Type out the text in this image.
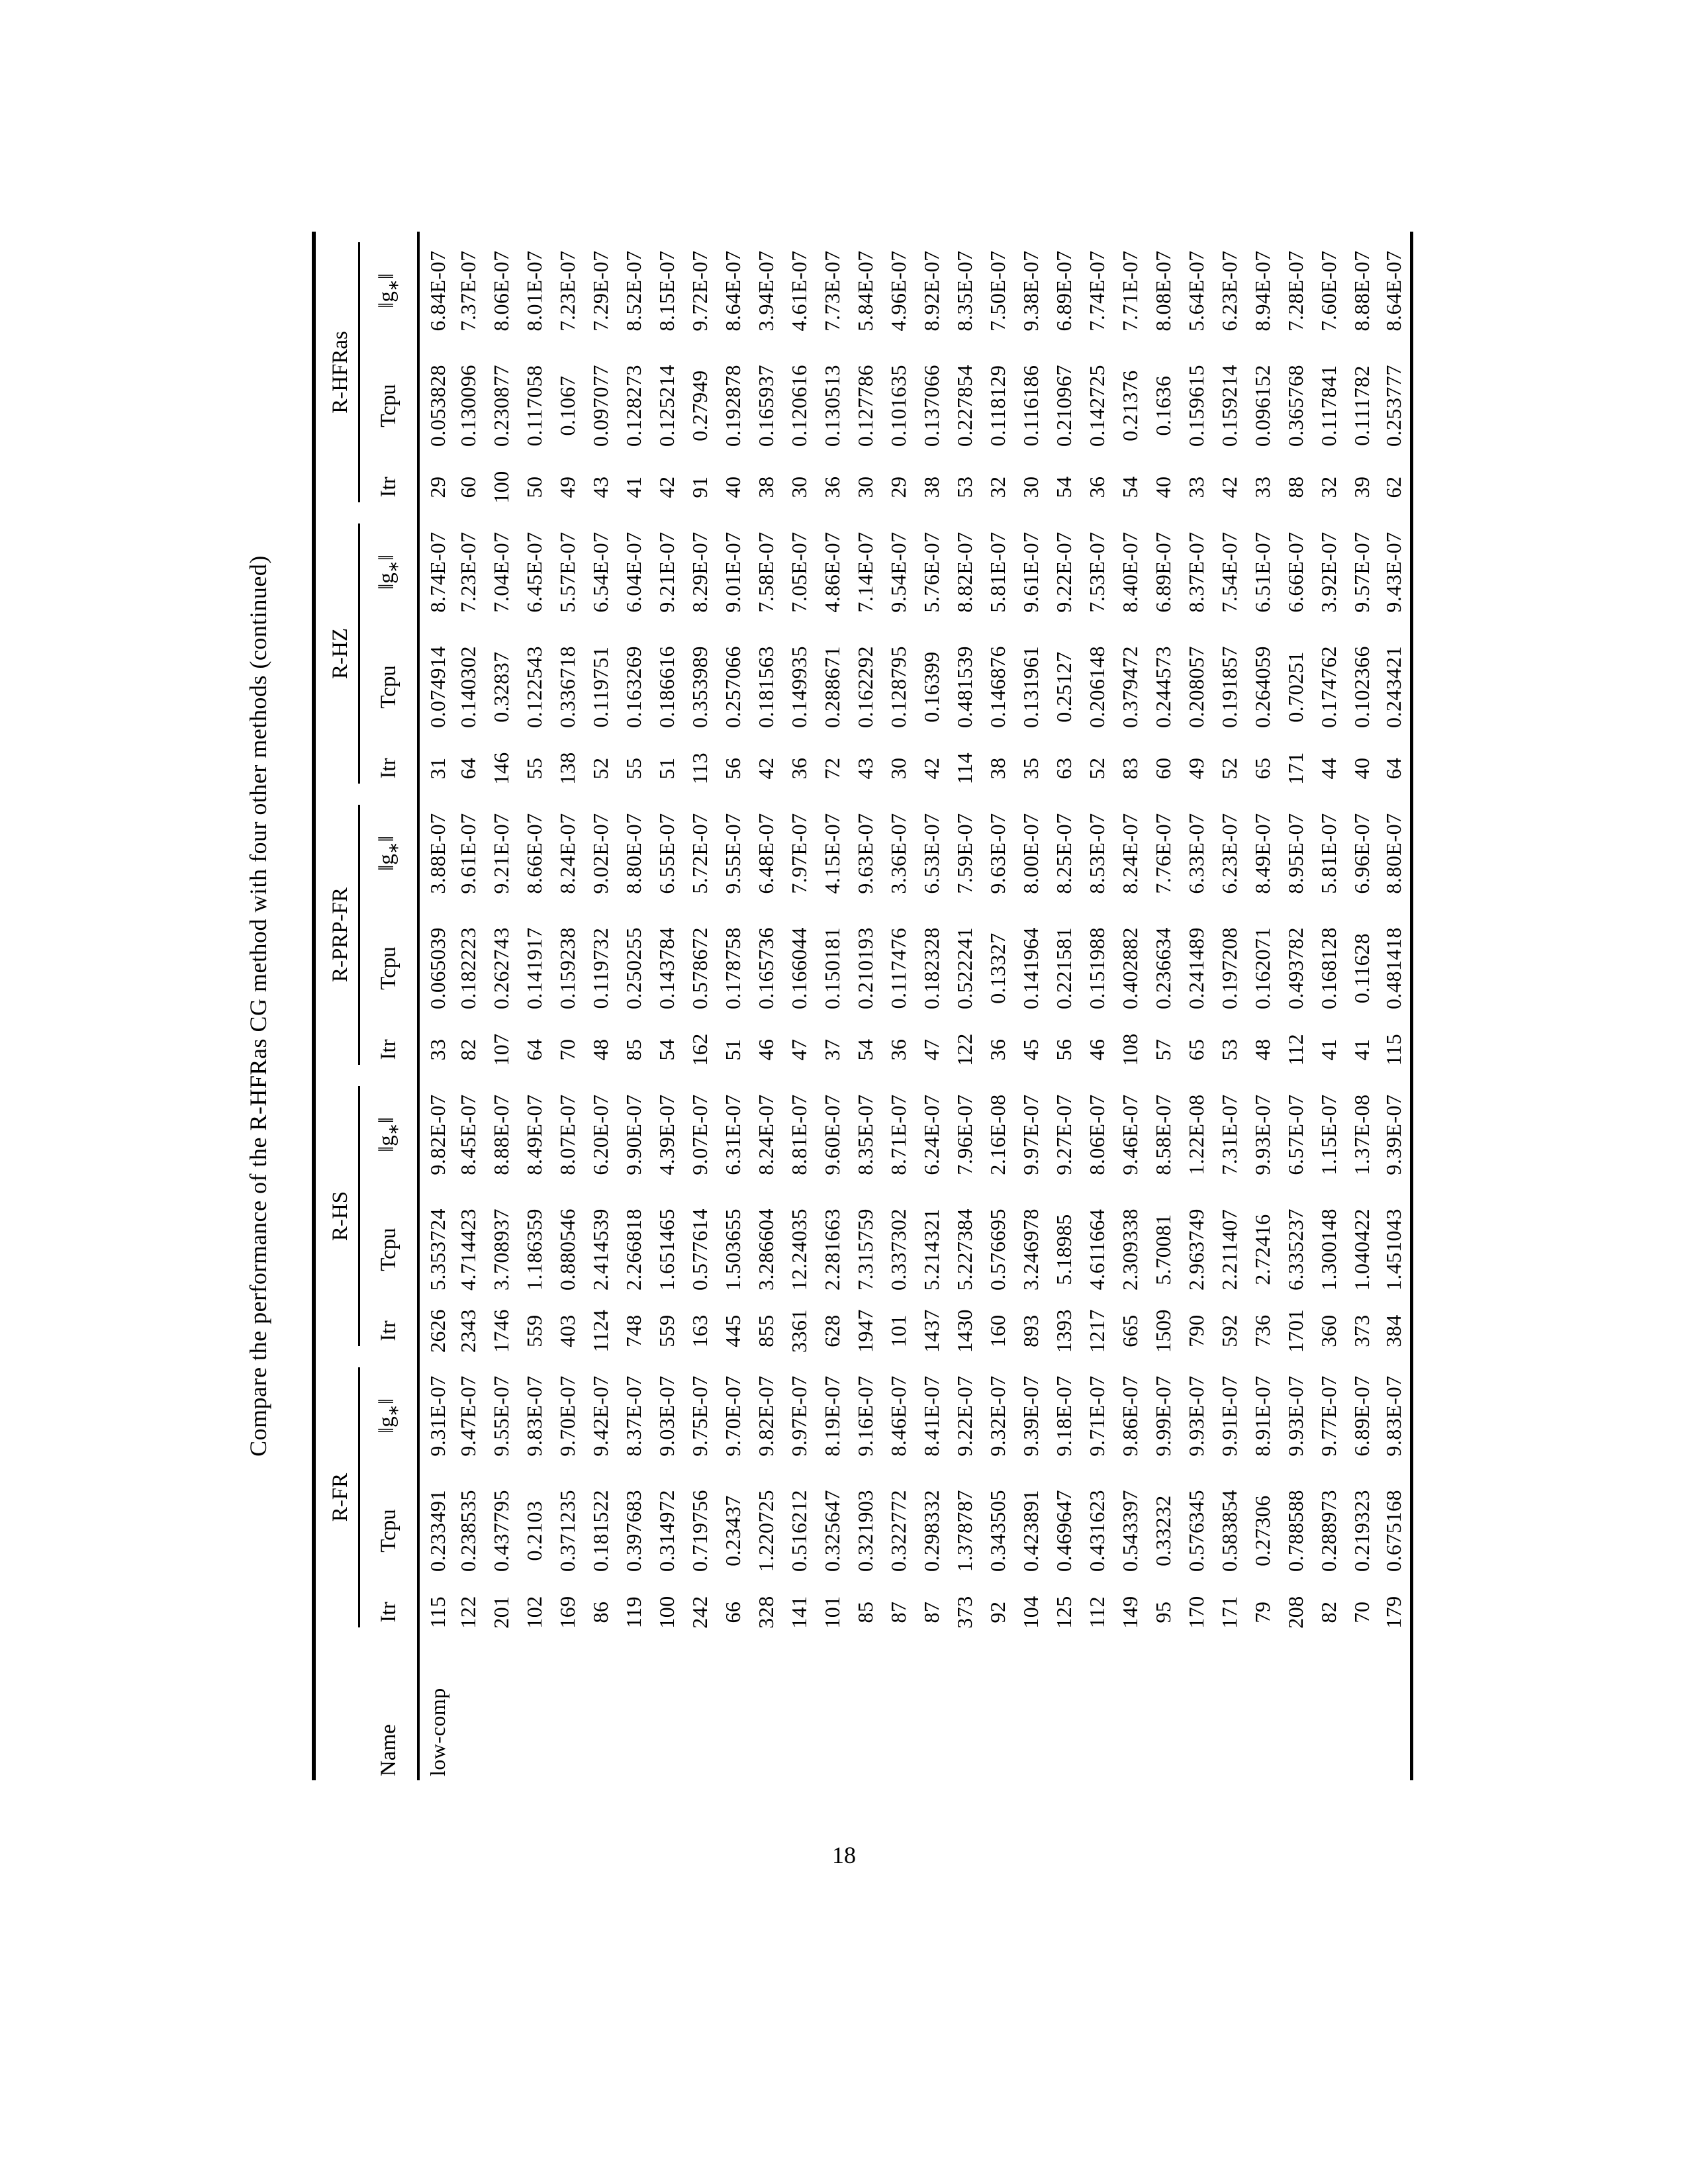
Compare the performance of the R-HFRas CG method with four other methods (continued)

	R-FR			R-HS			R-PRP-FR			R-HZ			R-HFRas		

Name	Itr	Tcpu	$‖g_∗‖$	Itr	Tcpu	$‖g_∗‖$	Itr	Tcpu	$‖g_∗‖$	Itr	Tcpu	$‖g_∗‖$	Itr	Tcpu	$‖g_∗‖$
low-comp	115	0.233491	9.31E-07	2626	5.353724	9.82E-07	33	0.065039	3.88E-07	31	0.074914	8.74E-07	29	0.053828	6.84E-07
	122	0.238535	9.47E-07	2343	4.714423	8.45E-07	82	0.182223	9.61E-07	64	0.140302	7.23E-07	60	0.130096	7.37E-07
	201	0.437795	9.55E-07	1746	3.708937	8.88E-07	107	0.262743	9.21E-07	146	0.32837	7.04E-07	100	0.230877	8.06E-07
	102	0.2103	9.83E-07	559	1.186359	8.49E-07	64	0.141917	8.66E-07	55	0.122543	6.45E-07	50	0.117058	8.01E-07
	169	0.371235	9.70E-07	403	0.880546	8.07E-07	70	0.159238	8.24E-07	138	0.336718	5.57E-07	49	0.1067	7.23E-07
	86	0.181522	9.42E-07	1124	2.414539	6.20E-07	48	0.119732	9.02E-07	52	0.119751	6.54E-07	43	0.097077	7.29E-07
	119	0.397683	8.37E-07	748	2.266818	9.90E-07	85	0.250255	8.80E-07	55	0.163269	6.04E-07	41	0.128273	8.52E-07
	100	0.314972	9.03E-07	559	1.651465	4.39E-07	54	0.143784	6.55E-07	51	0.186616	9.21E-07	42	0.125214	8.15E-07
	242	0.719756	9.75E-07	163	0.577614	9.07E-07	162	0.578672	5.72E-07	113	0.353989	8.29E-07	91	0.27949	9.72E-07
	66	0.23437	9.70E-07	445	1.503655	6.31E-07	51	0.178758	9.55E-07	56	0.257066	9.01E-07	40	0.192878	8.64E-07
	328	1.220725	9.82E-07	855	3.286604	8.24E-07	46	0.165736	6.48E-07	42	0.181563	7.58E-07	38	0.165937	3.94E-07
	141	0.516212	9.97E-07	3361	12.24035	8.81E-07	47	0.166044	7.97E-07	36	0.149935	7.05E-07	30	0.120616	4.61E-07
	101	0.325647	8.19E-07	628	2.281663	9.60E-07	37	0.150181	4.15E-07	72	0.288671	4.86E-07	36	0.130513	7.73E-07
	85	0.321903	9.16E-07	1947	7.315759	8.35E-07	54	0.210193	9.63E-07	43	0.162292	7.14E-07	30	0.127786	5.84E-07
	87	0.322772	8.46E-07	101	0.337302	8.71E-07	36	0.117476	3.36E-07	30	0.128795	9.54E-07	29	0.101635	4.96E-07
	87	0.298332	8.41E-07	1437	5.214321	6.24E-07	47	0.182328	6.53E-07	42	0.16399	5.76E-07	38	0.137066	8.92E-07
	373	1.378787	9.22E-07	1430	5.227384	7.96E-07	122	0.522241	7.59E-07	114	0.481539	8.82E-07	53	0.227854	8.35E-07
	92	0.343505	9.32E-07	160	0.576695	2.16E-08	36	0.13327	9.63E-07	38	0.146876	5.81E-07	32	0.118129	7.50E-07
	104	0.423891	9.39E-07	893	3.246978	9.97E-07	45	0.141964	8.00E-07	35	0.131961	9.61E-07	30	0.116186	9.38E-07
	125	0.469647	9.18E-07	1393	5.18985	9.27E-07	56	0.221581	8.25E-07	63	0.25127	9.22E-07	54	0.210967	6.89E-07
	112	0.431623	9.71E-07	1217	4.611664	8.06E-07	46	0.151988	8.53E-07	52	0.206148	7.53E-07	36	0.142725	7.74E-07
	149	0.543397	9.86E-07	665	2.309338	9.46E-07	108	0.402882	8.24E-07	83	0.379472	8.40E-07	54	0.21376	7.71E-07
	95	0.33232	9.99E-07	1509	5.70081	8.58E-07	57	0.236634	7.76E-07	60	0.244573	6.89E-07	40	0.1636	8.08E-07
	170	0.576345	9.93E-07	790	2.963749	1.22E-08	65	0.241489	6.33E-07	49	0.208057	8.37E-07	33	0.159615	5.64E-07
	171	0.583854	9.91E-07	592	2.211407	7.31E-07	53	0.197208	6.23E-07	52	0.191857	7.54E-07	42	0.159214	6.23E-07
	79	0.27306	8.91E-07	736	2.72416	9.93E-07	48	0.162071	8.49E-07	65	0.264059	6.51E-07	33	0.096152	8.94E-07
	208	0.788588	9.93E-07	1701	6.335237	6.57E-07	112	0.493782	8.95E-07	171	0.70251	6.66E-07	88	0.365768	7.28E-07
	82	0.288973	9.77E-07	360	1.300148	1.15E-07	41	0.168128	5.81E-07	44	0.174762	3.92E-07	32	0.117841	7.60E-07
	70	0.219323	6.89E-07	373	1.040422	1.37E-08	41	0.11628	6.96E-07	40	0.102366	9.57E-07	39	0.111782	8.88E-07
	179	0.675168	9.83E-07	384	1.451043	9.39E-07	115	0.481418	8.80E-07	64	0.243421	9.43E-07	62	0.253777	8.64E-07
18
